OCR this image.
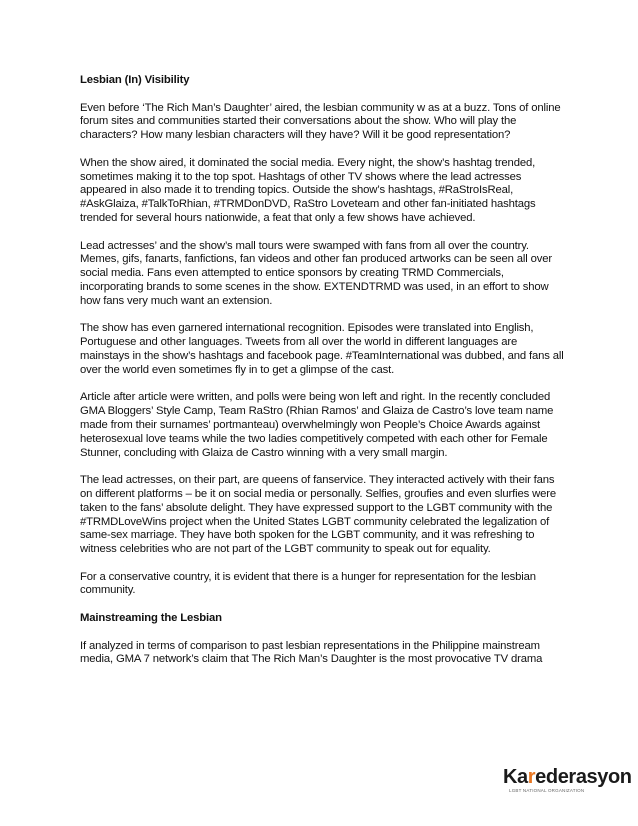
Lesbian (In) Visibility
Even before ‘The Rich Man’s Daughter’ aired, the lesbian community w as at a buzz. Tons of online forum sites and communities started their conversations about the show. Who will play the characters? How many lesbian characters will they have? Will it be good representation?
When the show aired, it dominated the social media. Every night, the show’s hashtag trended, sometimes making it to the top spot. Hashtags of other TV shows where the lead actresses appeared in also made it to trending topics. Outside the show’s hashtags, #RaStroIsReal, #AskGlaiza, #TalkToRhian, #TRMDonDVD, RaStro Loveteam and other fan-initiated hashtags trended for several hours nationwide, a feat that only a few shows have achieved.
Lead actresses’ and the show’s mall tours were swamped with fans from all over the country. Memes, gifs, fanarts, fanfictions, fan videos and other fan produced artworks can be seen all over social media. Fans even attempted to entice sponsors by creating TRMD Commercials, incorporating brands to some scenes in the show. EXTENDTRMD was used, in an effort to show how fans very much want an extension.
The show has even garnered international recognition. Episodes were translated into English, Portuguese and other languages. Tweets from all over the world in different languages are mainstays in the show’s hashtags and facebook page. #TeamInternational was dubbed, and fans all over the world even sometimes fly in to get a glimpse of the cast.
Article after article were written, and polls were being won left and right. In the recently concluded GMA Bloggers’ Style Camp, Team RaStro (Rhian Ramos’ and Glaiza de Castro’s love team name made from their surnames’ portmanteau) overwhelmingly won People’s Choice Awards against heterosexual love teams while the two ladies competitively competed with each other for Female Stunner, concluding with Glaiza de Castro winning with a very small margin.
The lead actresses, on their part, are queens of fanservice. They interacted actively with their fans on different platforms – be it on social media or personally. Selfies, groufies and even slurfies were taken to the fans’ absolute delight. They have expressed support to the LGBT community with the #TRMDLoveWins project when the United States LGBT community celebrated the legalization of same-sex marriage. They have both spoken for the LGBT community, and it was refreshing to witness celebrities who are not part of the LGBT community to speak out for equality.
For a conservative country, it is evident that there is a hunger for representation for the lesbian community.
Mainstreaming the Lesbian
If analyzed in terms of comparison to past lesbian representations in the Philippine mainstream media, GMA 7 network’s claim that The Rich Man’s Daughter is the most provocative TV drama
Karederasyon
LGBT NATIONAL ORGANIZATION
